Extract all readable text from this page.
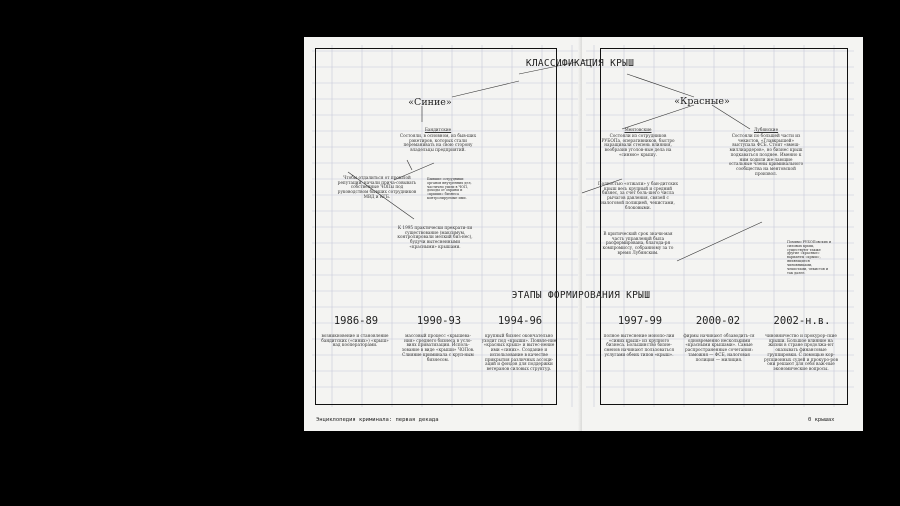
КЛАССИФИКАЦИЯ КРЫШ
«Синие»	«Красные»
Бандитские
Состояли, в основном, из быв-ших рэкетиров, которых стали переманивать на свою сторону владельцы предприятий.
Чтобы отдалиться от прошлой репутации, начали прича-совывать собственные ЧОПы под руководством бывших сотрудников МВД и КГБ.
Бывшие сотрудники органов внутренних дел, частично ушли в ЧОП, доходы от охраны и «крыши» бизнеса контролируемые ими.
К 1995 практически прекрати-ли существование (максимум, контролировали мелкий биз-нес), будучи вытесненными «красными» крышами.
Ментовские
Состояли из сотрудников РУБОПа, оперативников, быстро наращивали степень влияния, вообразив уголов-ные дела на «синюю» крышу.
Полностью «отжали» у бан-дитских крыш весь крупный и средний бизнес, за счет боль-шего числа рычагов давления, связей с налоговой полицией, чекистами, блоковыми.
В критический срок значи-мая часть управлений была расформирована, благода-ря компромиссу, собранному за то время Лубянским.
Лубянские
Состояли по большей части из чекистов. «Главкрышей» выступала ФСБ. Стоит «вмеш-миллиардеров», но бизнес крыш подкаваться позднее. Именно к ним ходили же-лающие остальные члены криминального сообщества на ментовской произвол.
Помимо РУБОПовских и силовых крыш, существуют также другие «красные» варианты «крыш», являющиеся чиновниками, чекистами, чекистов и так далее.
ЭТАПЫ ФОРМИРОВАНИЯ КРЫШ
1986-89
возникновение и становление бандитских («синих») «крыш» над кооператорами.
1990-93
массовый процесс «крышева-ния» среднего бизнеса в усло-виях приватизации. Исполь-зование в виде «крыши» ЧОПов. Слияние криминала с круп-ным бизнесом.
1994-96
крупный бизнес окончательно уходит под «крыши». Появле-ние «красных крыш» и вытес-нение ими «синих». Создание и использование в качестве прикрытия различных ассоци-аций и фондов для поддержки ветеранов силовых структур.
1997-99
полное вытеснение монопо-лии «синих крыш» из крупного бизнеса. Большинство бизне-сменов начинают пользоваться услугами обеих типов «крыш».
2000-02
фирмы начинают обзаводить-ся одновременно несколькими «красными крышами». Самые распространенные сочетания: таможня — ФСБ, налоговая полиция — милиция.
2002-н.в.
чиновничество и прокурор-ские крыши. Большое влияние на жизни в стране продолжа-ют оказывать финансовые группировки. С помощью кор-рупционных судей и прокуро-ров они решают для себя важ-ные экономические вопросы.
Энциклопедия криминала: первая декада	0 крышах
